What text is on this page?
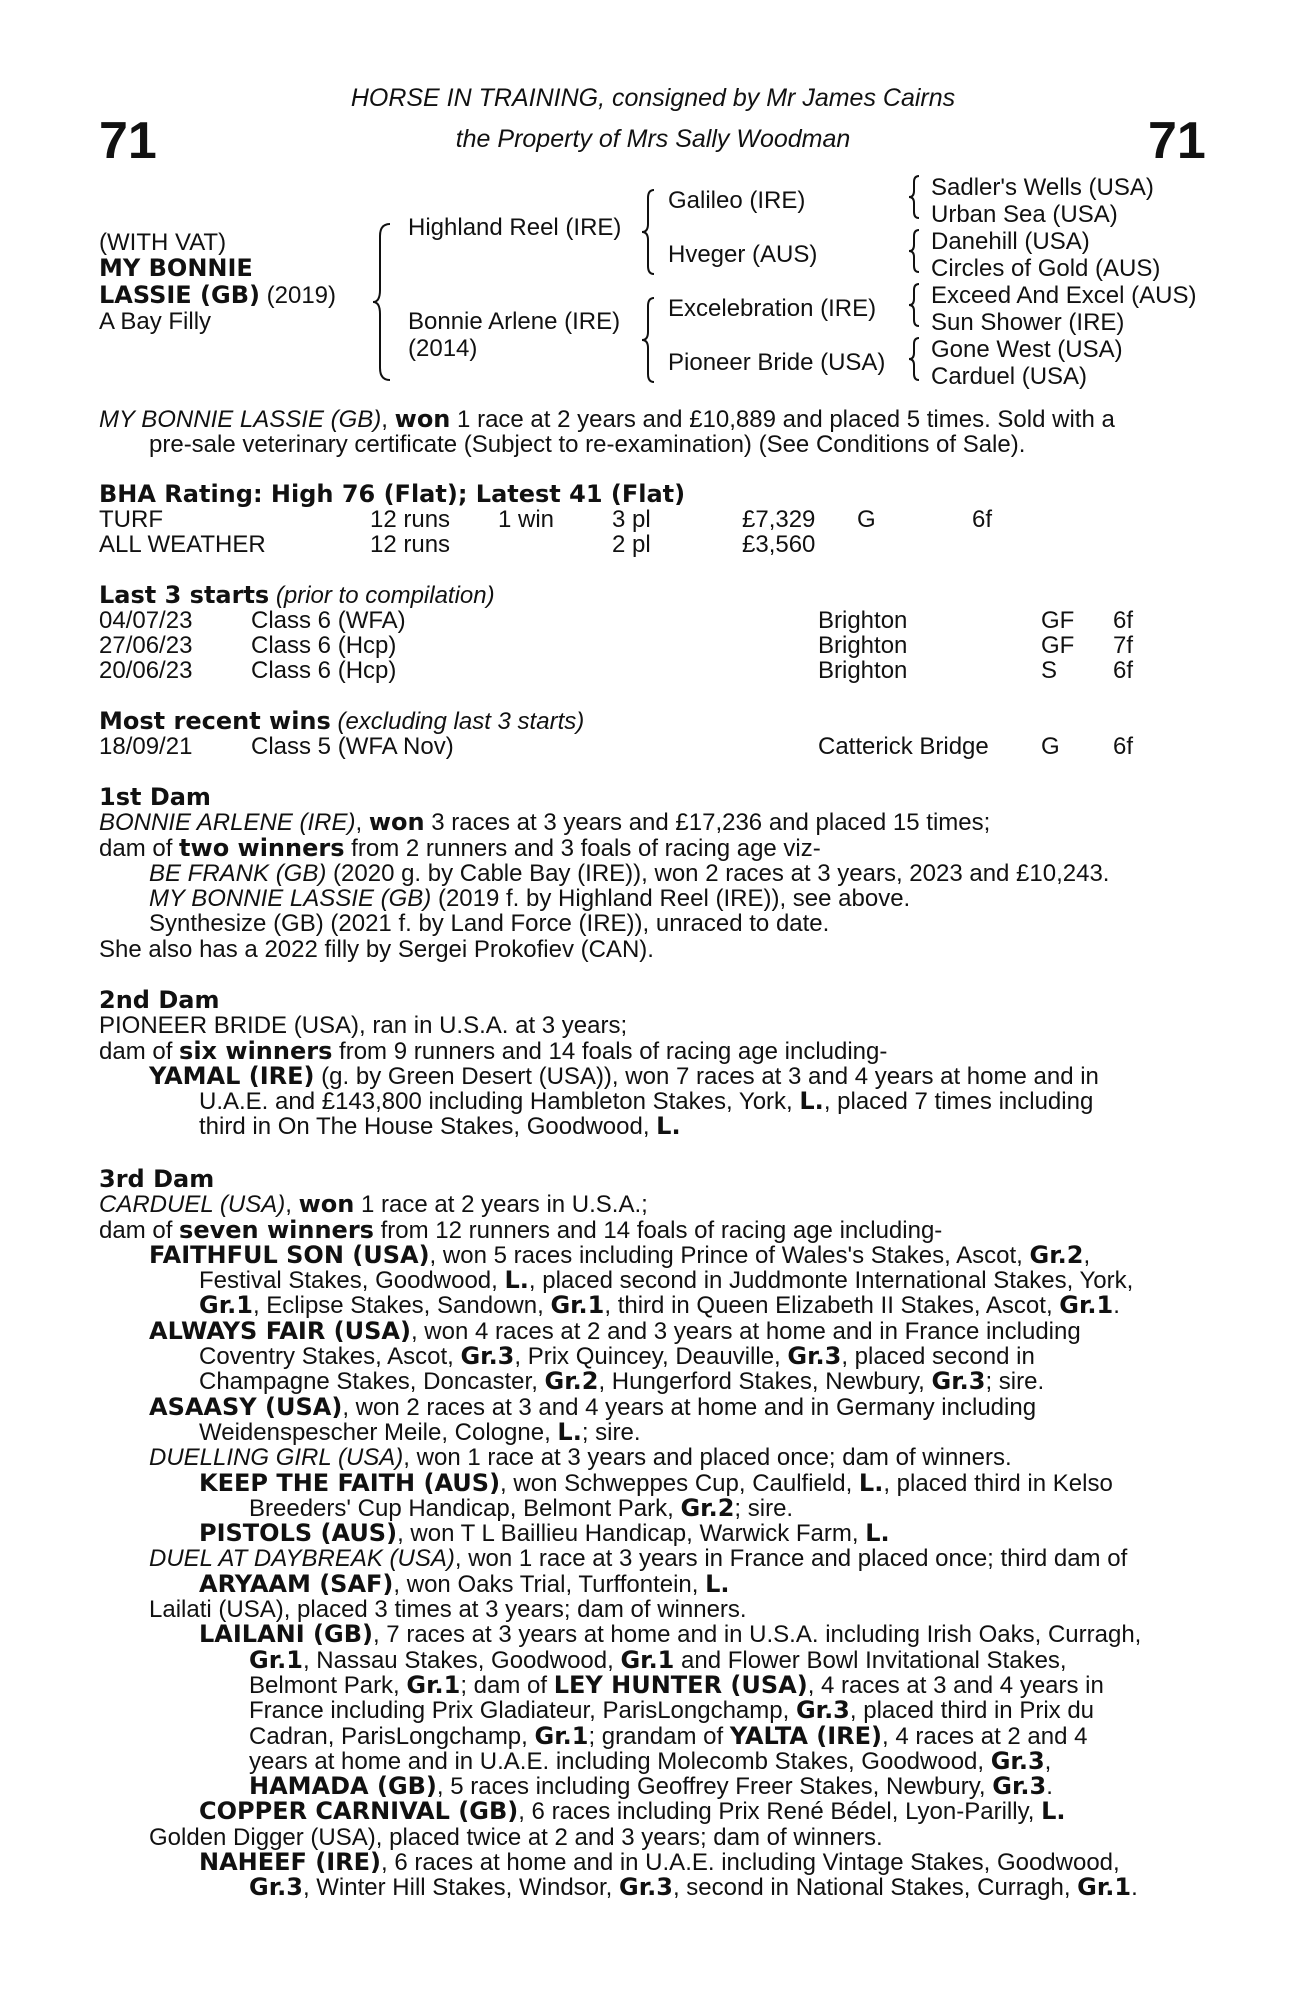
71	71
HORSE IN TRAINING, consigned by Mr James Cairns
the Property of Mrs Sally Woodman
(WITH VAT)
MY BONNIE
LASSIE (GB) (2019)
A Bay Filly
Highland Reel (IRE)
Bonnie Arlene (IRE)
(2014)
Galileo (IRE)
Hveger (AUS)
Excelebration (IRE)
Pioneer Bride (USA)
Sadler's Wells (USA)
Urban Sea (USA)
Danehill (USA)
Circles of Gold (AUS)
Exceed And Excel (AUS)
Sun Shower (IRE)
Gone West (USA)
Carduel (USA)
MY BONNIE LASSIE (GB), won 1 race at 2 years and £10,889 and placed 5 times. Sold with a
pre-sale veterinary certificate (Subject to re-examination) (See Conditions of Sale).
BHA Rating: High 76 (Flat); Latest 41 (Flat)
TURF	12 runs 1 win 3 pl	£7,329 G	6f
ALL WEATHER	12 runs	2 pl	£3,560
Last 3 starts (prior to compilation)
04/07/23 Class 6 (WFA)	Brighton	GF 6f
27/06/23 Class 6 (Hcp)	Brighton	GF 7f
20/06/23 Class 6 (Hcp)	Brighton	S 6f
Most recent wins (excluding last 3 starts)
18/09/21 Class 5 (WFA Nov)	Catterick Bridge G 6f
1st Dam
BONNIE ARLENE (IRE), won 3 races at 3 years and £17,236 and placed 15 times;
dam of two winners from 2 runners and 3 foals of racing age viz-
BE FRANK (GB) (2020 g. by Cable Bay (IRE)), won 2 races at 3 years, 2023 and £10,243.
MY BONNIE LASSIE (GB) (2019 f. by Highland Reel (IRE)), see above.
Synthesize (GB) (2021 f. by Land Force (IRE)), unraced to date.
She also has a 2022 filly by Sergei Prokofiev (CAN).
2nd Dam
PIONEER BRIDE (USA), ran in U.S.A. at 3 years;
dam of six winners from 9 runners and 14 foals of racing age including-
YAMAL (IRE) (g. by Green Desert (USA)), won 7 races at 3 and 4 years at home and in
U.A.E. and £143,800 including Hambleton Stakes, York, L., placed 7 times including
third in On The House Stakes, Goodwood, L.
3rd Dam
CARDUEL (USA), won 1 race at 2 years in U.S.A.;
dam of seven winners from 12 runners and 14 foals of racing age including-
FAITHFUL SON (USA), won 5 races including Prince of Wales's Stakes, Ascot, Gr.2,
Festival Stakes, Goodwood, L., placed second in Juddmonte International Stakes, York,
Gr.1, Eclipse Stakes, Sandown, Gr.1, third in Queen Elizabeth II Stakes, Ascot, Gr.1.
ALWAYS FAIR (USA), won 4 races at 2 and 3 years at home and in France including
Coventry Stakes, Ascot, Gr.3, Prix Quincey, Deauville, Gr.3, placed second in
Champagne Stakes, Doncaster, Gr.2, Hungerford Stakes, Newbury, Gr.3; sire.
ASAASY (USA), won 2 races at 3 and 4 years at home and in Germany including
Weidenspescher Meile, Cologne, L.; sire.
DUELLING GIRL (USA), won 1 race at 3 years and placed once; dam of winners.
KEEP THE FAITH (AUS), won Schweppes Cup, Caulfield, L., placed third in Kelso
Breeders' Cup Handicap, Belmont Park, Gr.2; sire.
PISTOLS (AUS), won T L Baillieu Handicap, Warwick Farm, L.
DUEL AT DAYBREAK (USA), won 1 race at 3 years in France and placed once; third dam of
ARYAAM (SAF), won Oaks Trial, Turffontein, L.
Lailati (USA), placed 3 times at 3 years; dam of winners.
LAILANI (GB), 7 races at 3 years at home and in U.S.A. including Irish Oaks, Curragh,
Gr.1, Nassau Stakes, Goodwood, Gr.1 and Flower Bowl Invitational Stakes,
Belmont Park, Gr.1; dam of LEY HUNTER (USA), 4 races at 3 and 4 years in
France including Prix Gladiateur, ParisLongchamp, Gr.3, placed third in Prix du
Cadran, ParisLongchamp, Gr.1; grandam of YALTA (IRE), 4 races at 2 and 4
years at home and in U.A.E. including Molecomb Stakes, Goodwood, Gr.3,
HAMADA (GB), 5 races including Geoffrey Freer Stakes, Newbury, Gr.3.
COPPER CARNIVAL (GB), 6 races including Prix René Bédel, Lyon-Parilly, L.
Golden Digger (USA), placed twice at 2 and 3 years; dam of winners.
NAHEEF (IRE), 6 races at home and in U.A.E. including Vintage Stakes, Goodwood,
Gr.3, Winter Hill Stakes, Windsor, Gr.3, second in National Stakes, Curragh, Gr.1.
